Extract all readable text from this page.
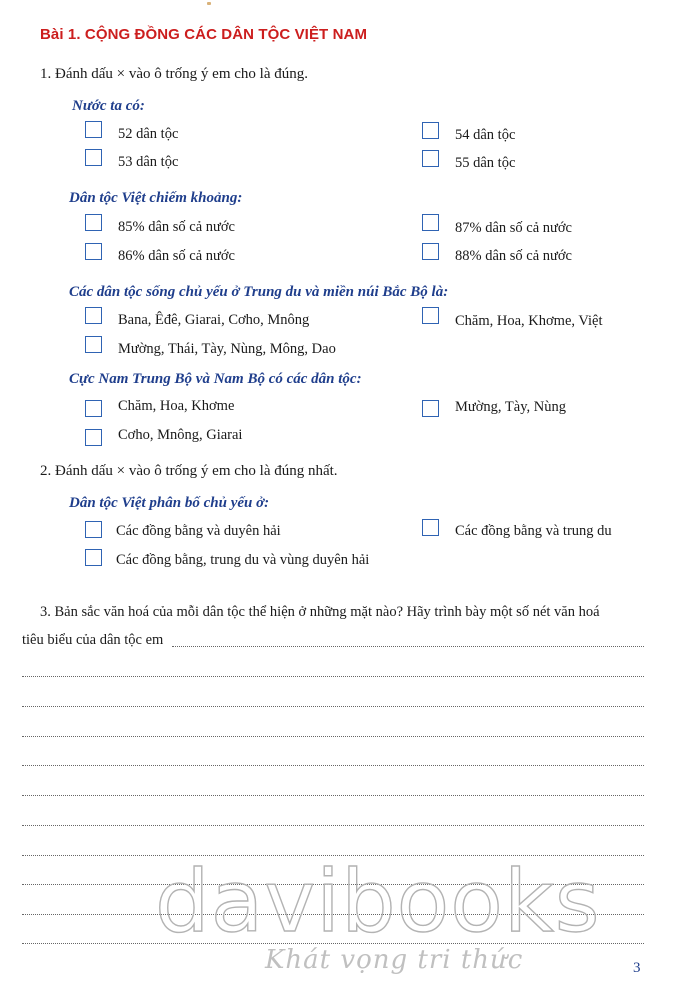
Bài 1. CỘNG ĐỒNG CÁC DÂN TỘC VIỆT NAM
1. Đánh dấu × vào ô trống ý em cho là đúng.
Nước ta có:
52 dân tộc	54 dân tộc
53 dân tộc	55 dân tộc
Dân tộc Việt chiếm khoảng:
85% dân số cả nước	87% dân số cả nước
86% dân số cả nước	88% dân số cả nước
Các dân tộc sống chủ yếu ở Trung du và miền núi Bắc Bộ là:
Bana, Êđê, Giarai, Cơho, Mnông	Chăm, Hoa, Khơme, Việt
Mường, Thái, Tày, Nùng, Mông, Dao
Cực Nam Trung Bộ và Nam Bộ có các dân tộc:
Chăm, Hoa, Khơme	Mường, Tày, Nùng
Cơho, Mnông, Giarai
2. Đánh dấu × vào ô trống ý em cho là đúng nhất.
Dân tộc Việt phân bố chủ yếu ở:
Các đồng bằng và duyên hải	Các đồng bằng và trung du
Các đồng bằng, trung du và vùng duyên hải
3. Bản sắc văn hoá của mỗi dân tộc thể hiện ở những mặt nào? Hãy trình bày một số nét văn hoá
tiêu biểu của dân tộc em
davibooks
Khát vọng tri thức	3
